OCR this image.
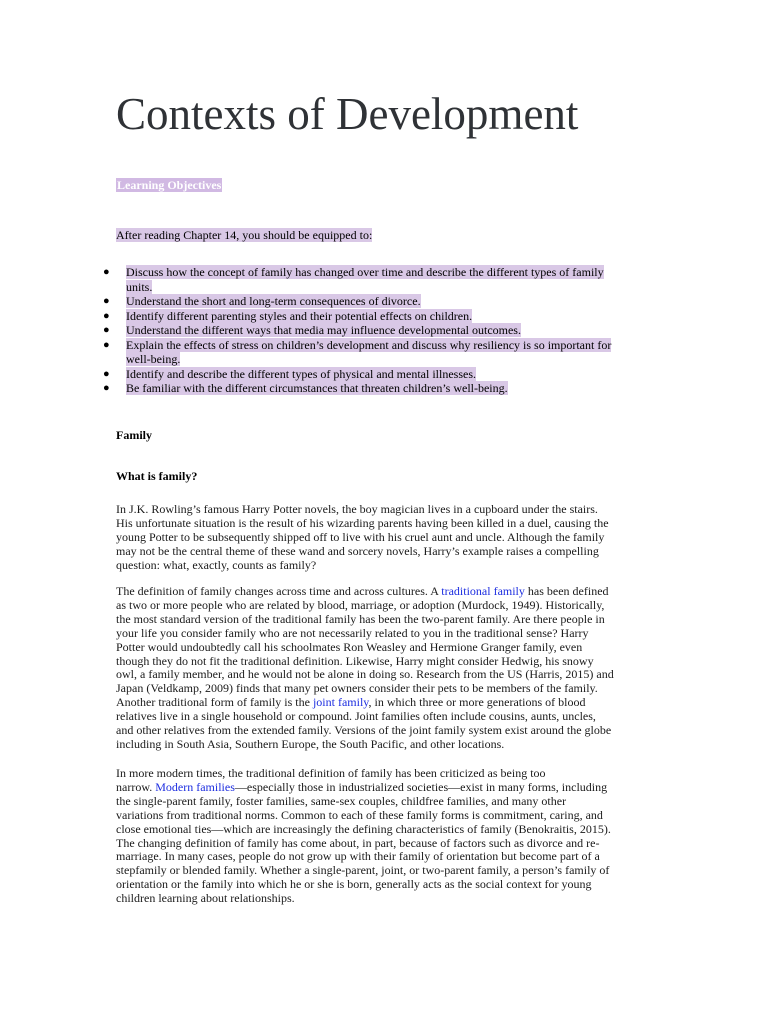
Contexts of Development
Learning Objectives
After reading Chapter 14, you should be equipped to:
● Discuss how the concept of family has changed over time and describe the different types of family
units.
● Understand the short and long-term consequences of divorce.
● Identify different parenting styles and their potential effects on children.
● Understand the different ways that media may influence developmental outcomes.
● Explain the effects of stress on children’s development and discuss why resiliency is so important for
well-being.
● Identify and describe the different types of physical and mental illnesses.
● Be familiar with the different circumstances that threaten children’s well-being.
Family
What is family?

In J.K. Rowling’s famous Harry Potter novels, the boy magician lives in a cupboard under the stairs.
His unfortunate situation is the result of his wizarding parents having been killed in a duel, causing the
young Potter to be subsequently shipped off to live with his cruel aunt and uncle. Although the family
may not be the central theme of these wand and sorcery novels, Harry’s example raises a compelling
question: what, exactly, counts as family?

The definition of family changes across time and across cultures. A traditional family has been defined
as two or more people who are related by blood, marriage, or adoption (Murdock, 1949). Historically,
the most standard version of the traditional family has been the two-parent family. Are there people in
your life you consider family who are not necessarily related to you in the traditional sense? Harry
Potter would undoubtedly call his schoolmates Ron Weasley and Hermione Granger family, even
though they do not fit the traditional definition. Likewise, Harry might consider Hedwig, his snowy
owl, a family member, and he would not be alone in doing so. Research from the US (Harris, 2015) and
Japan (Veldkamp, 2009) finds that many pet owners consider their pets to be members of the family.
Another traditional form of family is the joint family, in which three or more generations of blood
relatives live in a single household or compound. Joint families often include cousins, aunts, uncles,
and other relatives from the extended family. Versions of the joint family system exist around the globe
including in South Asia, Southern Europe, the South Pacific, and other locations.

In more modern times, the traditional definition of family has been criticized as being too
narrow. Modern families—especially those in industrialized societies—exist in many forms, including
the single-parent family, foster families, same-sex couples, childfree families, and many other
variations from traditional norms. Common to each of these family forms is commitment, caring, and
close emotional ties—which are increasingly the defining characteristics of family (Benokraitis, 2015).
The changing definition of family has come about, in part, because of factors such as divorce and re-
marriage. In many cases, people do not grow up with their family of orientation but become part of a
stepfamily or blended family. Whether a single-parent, joint, or two-parent family, a person’s family of
orientation or the family into which he or she is born, generally acts as the social context for young
children learning about relationships.
